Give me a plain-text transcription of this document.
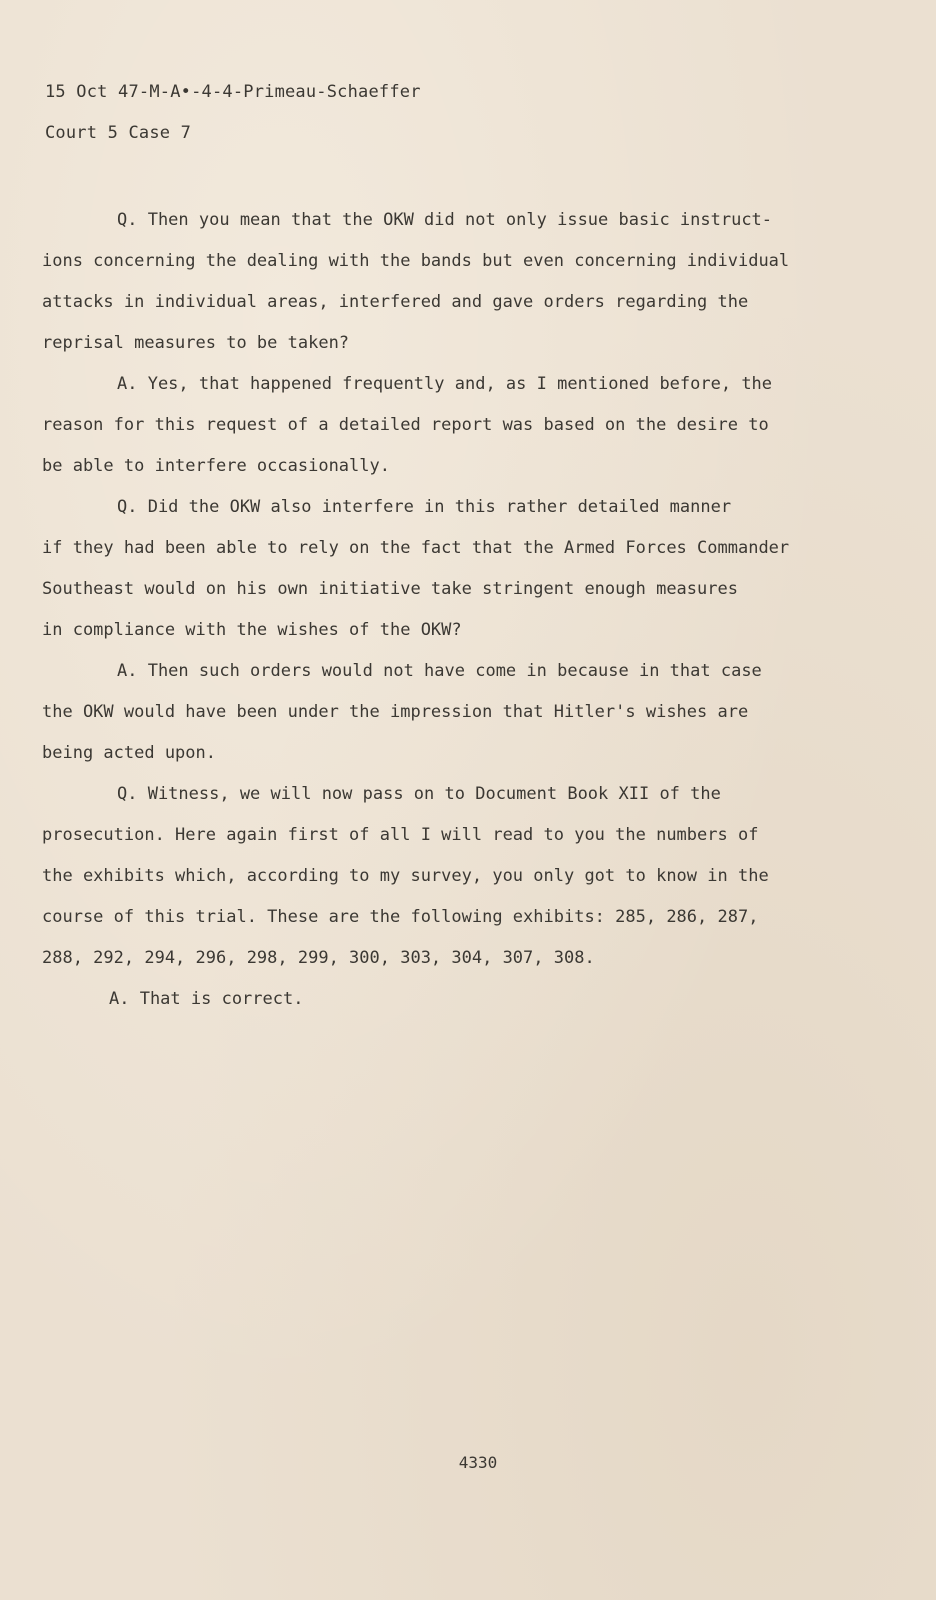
15 Oct 47-M-A•-4-4-Primeau-Schaeffer
Court 5 Case 7
Q. Then you mean that the OKW did not only issue basic instruct-
ions concerning the dealing with the bands but even concerning individual
attacks in individual areas, interfered and gave orders regarding the
reprisal measures to be taken?
A. Yes, that happened frequently and, as I mentioned before, the
reason for this request of a detailed report was based on the desire to
be able to interfere occasionally.
Q. Did the OKW also interfere in this rather detailed manner
if they had been able to rely on the fact that the Armed Forces Commander
Southeast would on his own initiative take stringent enough measures
in compliance with the wishes of the OKW?
A. Then such orders would not have come in because in that case
the OKW would have been under the impression that Hitler's wishes are
being acted upon.
Q. Witness, we will now pass on to Document Book XII of the
prosecution. Here again first of all I will read to you the numbers of
the exhibits which, according to my survey, you only got to know in the
course of this trial. These are the following exhibits: 285, 286, 287,
288, 292, 294, 296, 298, 299, 300, 303, 304, 307, 308.
A. That is correct.
4330
